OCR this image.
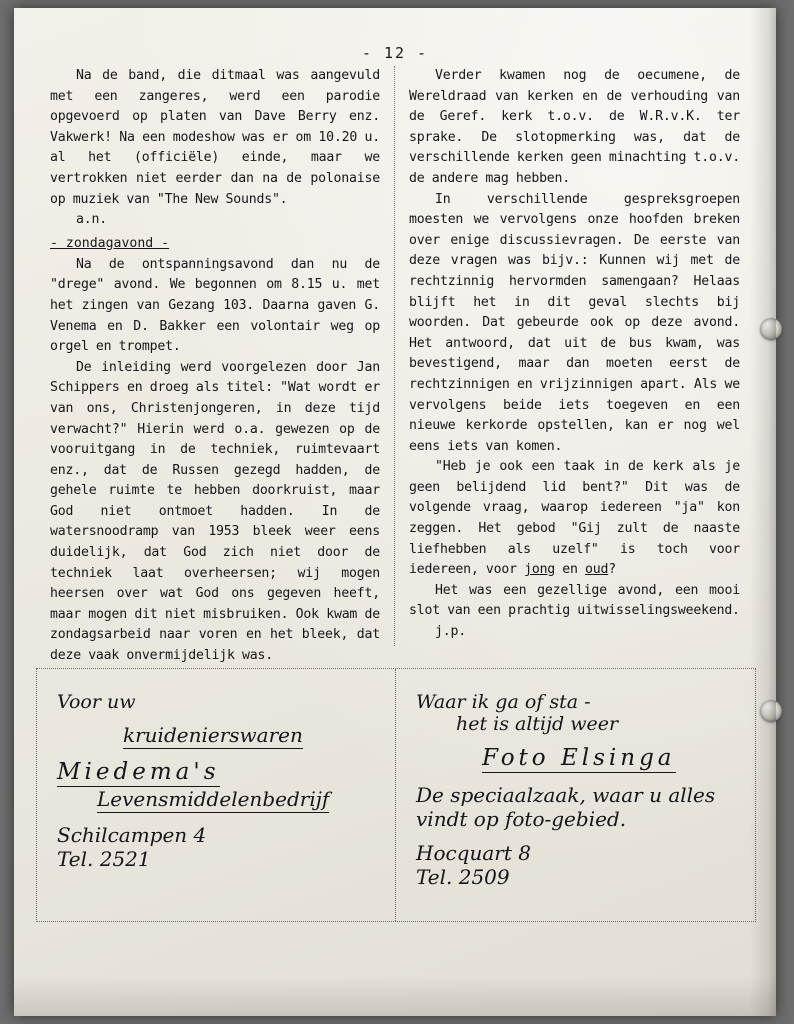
- 12 -

Na de band, die ditmaal was aangevuld met een zangeres, werd een parodie opgevoerd op platen van Dave Berry enz. Vakwerk! Na een modeshow was er om 10.20 u. al het (officiële) einde, maar we vertrokken niet eerder dan na de polonaise op muziek van "The New Sounds".

a.n.

- zondagavond -

Na de ontspanningsavond dan nu de "drege" avond. We begonnen om 8.15 u. met het zingen van Gezang 103. Daarna gaven G. Venema en D. Bakker een volontair weg op orgel en trompet.

De inleiding werd voorgelezen door Jan Schippers en droeg als titel: "Wat wordt er van ons, Christenjongeren, in deze tijd verwacht?" Hierin werd o.a. gewezen op de vooruitgang in de techniek, ruimtevaart enz., dat de Russen gezegd hadden, de gehele ruimte te hebben doorkruist, maar God niet ontmoet hadden. In de watersnoodramp van 1953 bleek weer eens duidelijk, dat God zich niet door de techniek laat overheersen; wij mogen heersen over wat God ons gegeven heeft, maar mogen dit niet misbruiken. Ook kwam de zondagsarbeid naar voren en het bleek, dat deze vaak onvermijdelijk was.

Verder kwamen nog de oecumene, de Wereldraad van kerken en de verhouding van de Geref. kerk t.o.v. de W.R.v.K. ter sprake. De slotopmerking was, dat de verschillende kerken geen minachting t.o.v. de andere mag hebben.

In verschillende gespreksgroepen moesten we vervolgens onze hoofden breken over enige discussievragen. De eerste van deze vragen was bijv.: Kunnen wij met de rechtzinnig hervormden samengaan? Helaas blijft het in dit geval slechts bij woorden. Dat gebeurde ook op deze avond. Het antwoord, dat uit de bus kwam, was bevestigend, maar dan moeten eerst de rechtzinnigen en vrijzinnigen apart. Als we vervolgens beide iets toegeven en een nieuwe kerkorde opstellen, kan er nog wel eens iets van komen.

"Heb je ook een taak in de kerk als je geen belijdend lid bent?" Dit was de volgende vraag, waarop iedereen "ja" kon zeggen. Het gebod "Gij zult de naaste liefhebben als uzelf" is toch voor iedereen, voor jong en oud?

Het was een gezellige avond, een mooi slot van een prachtig uitwisselingsweekend.

j.p.

Voor uw
kruidenierswaren
Miedema's
Levensmiddelenbedrijf
Schilcampen 4
Tel. 2521
Waar ik ga of sta -
het is altijd weer
Foto Elsinga
De speciaalzaak, waar u alles
vindt op foto-gebied.
Hocquart 8
Tel. 2509
